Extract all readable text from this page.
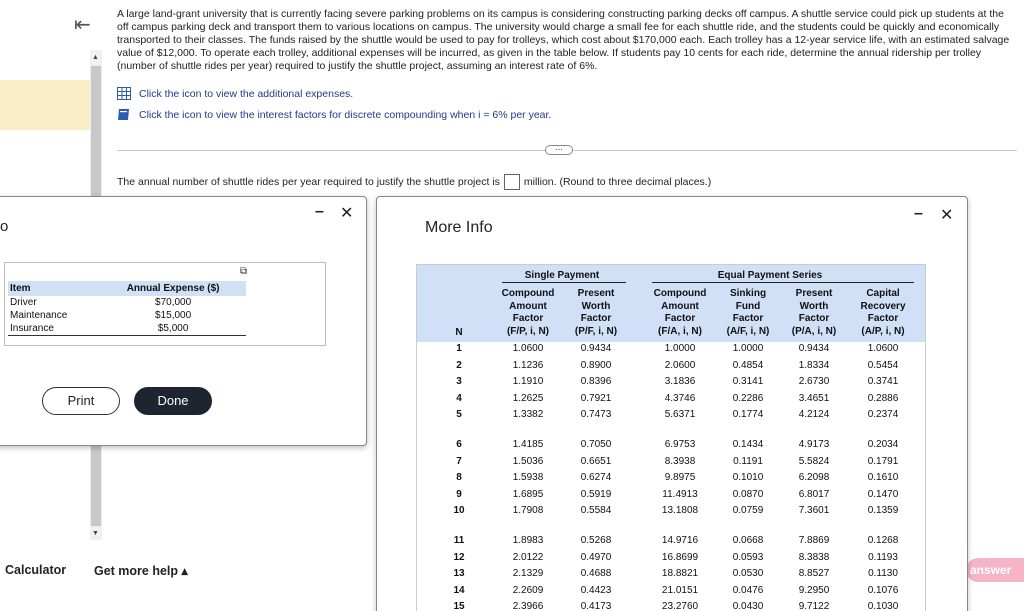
⇤
▲
▼
A large land-grant university that is currently facing severe parking problems on its campus is considering constructing parking decks off campus. A shuttle service could pick up students at the off campus parking deck and transport them to various locations on campus. The university would charge a small fee for each shuttle ride, and the students could be quickly and economically transported to their classes. The funds raised by the shuttle would be used to pay for trolleys, which cost about $170,000 each. Each trolley has a 12-year service life, with an estimated salvage value of $12,000. To operate each trolley, additional expenses will be incurred, as given in the table below. If students pay 10 cents for each ride, determine the annual ridership per trolley (number of shuttle rides per year) required to justify the shuttle project, assuming an interest rate of 6%.
Click the icon to view the additional expenses.
Click the icon to view the interest factors for discrete compounding when i = 6% per year.
⋯
The annual number of shuttle rides per year required to justify the shuttle project is million. (Round to three decimal places.)
Calculator Get more help ▴	answer
o
– ✕
⧉
Item	Annual Expense ($)
Driver	$70,000
Maintenance	$15,000
Insurance	$5,000
Print	Done
More Info
– ✕
Single Payment	Equal Payment Series
N
Compound
Amount
Factor
(F/P, i, N)
Present
Worth
Factor
(P/F, i, N)
Compound
Amount
Factor
(F/A, i, N)
Sinking
Fund
Factor
(A/F, i, N)
Present
Worth
Factor
(P/A, i, N)
Capital
Recovery
Factor
(A/P, i, N)
1	1.0600	0.9434	1.0000	1.0000	0.9434	1.0600
2	1.1236	0.8900	2.0600	0.4854	1.8334	0.5454
3	1.1910	0.8396	3.1836	0.3141	2.6730	0.3741
4	1.2625	0.7921	4.3746	0.2286	3.4651	0.2886
5	1.3382	0.7473	5.6371	0.1774	4.2124	0.2374
6	1.4185	0.7050	6.9753	0.1434	4.9173	0.2034
7	1.5036	0.6651	8.3938	0.1191	5.5824	0.1791
8	1.5938	0.6274	9.8975	0.1010	6.2098	0.1610
9	1.6895	0.5919	11.4913	0.0870	6.8017	0.1470
10	1.7908	0.5584	13.1808	0.0759	7.3601	0.1359
11	1.8983	0.5268	14.9716	0.0668	7.8869	0.1268
12	2.0122	0.4970	16.8699	0.0593	8.3838	0.1193
13	2.1329	0.4688	18.8821	0.0530	8.8527	0.1130
14	2.2609	0.4423	21.0151	0.0476	9.2950	0.1076
15	2.3966	0.4173	23.2760	0.0430	9.7122	0.1030
